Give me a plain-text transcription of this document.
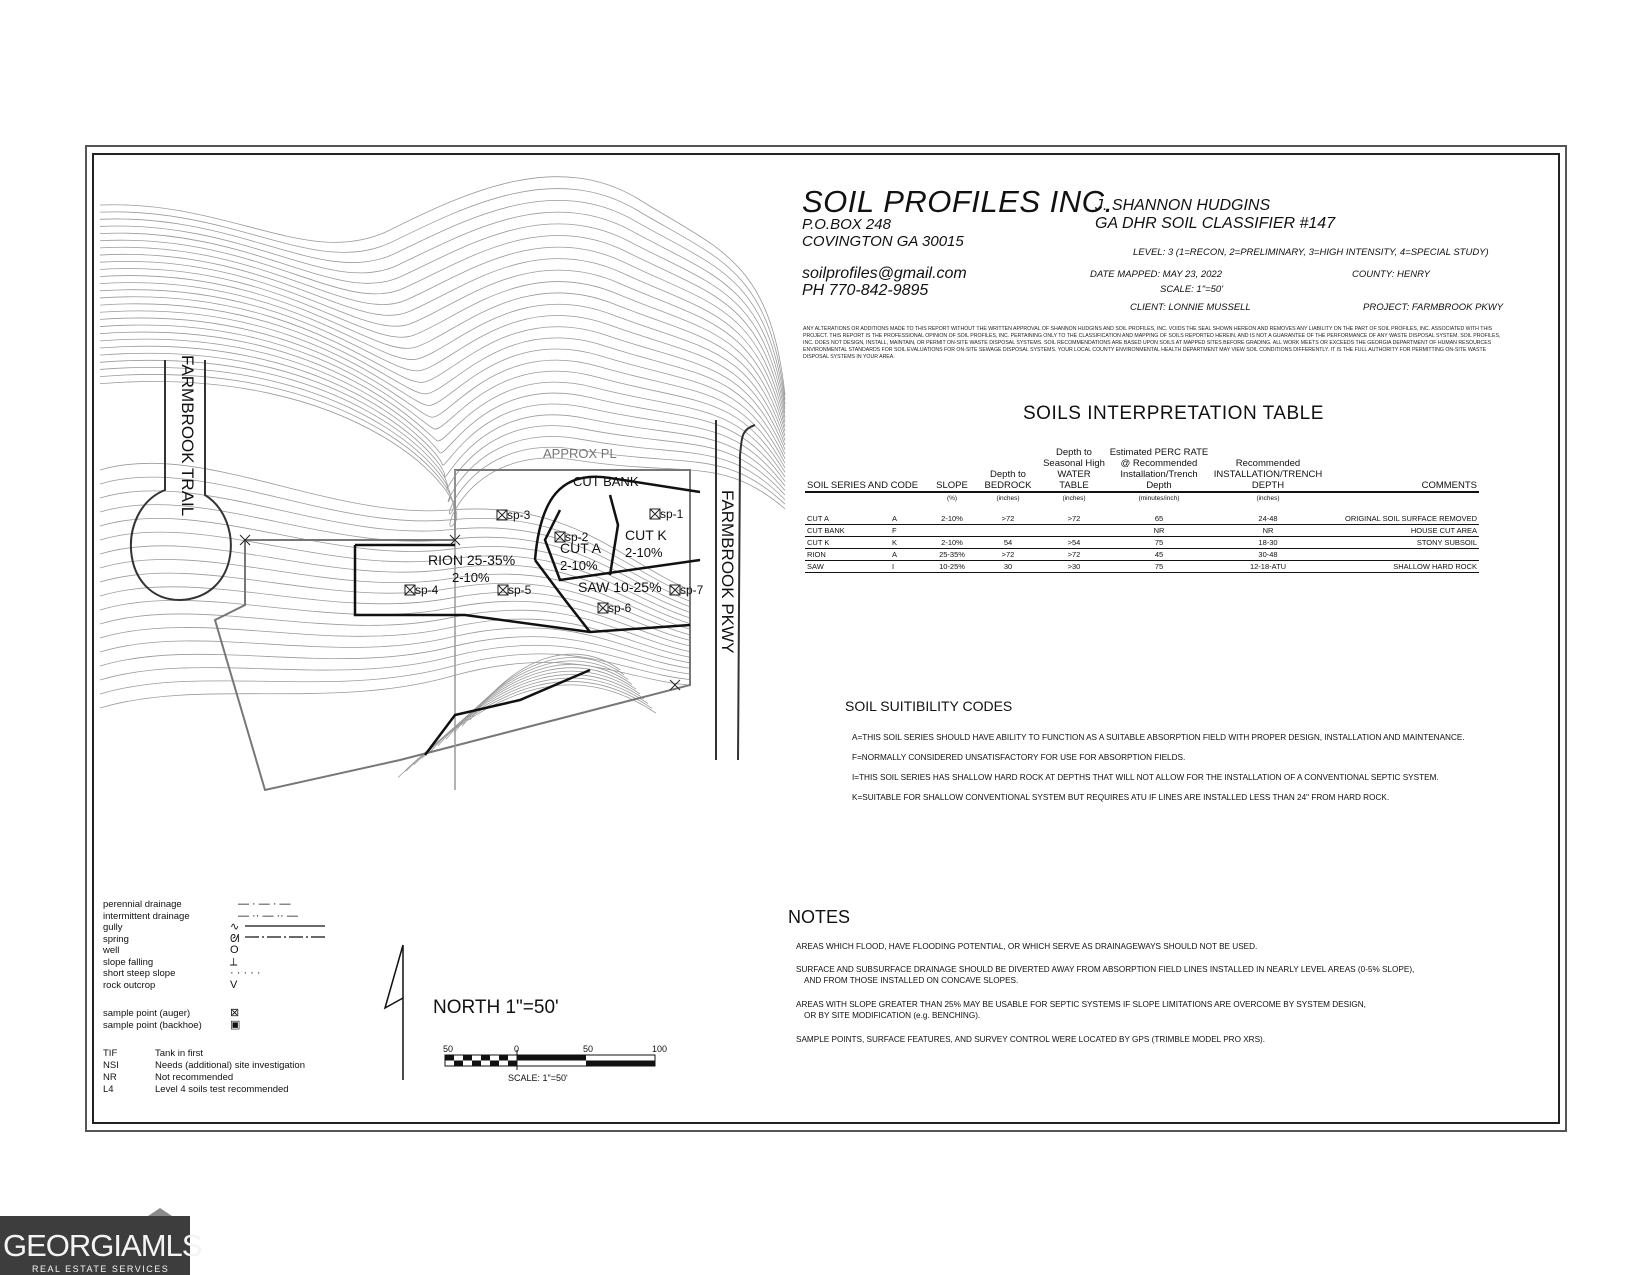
sp-1
sp-2
sp-3
sp-4	sp-5
sp-6
sp-7
FARMBROOK TRAIL
FARMBROOK PKWY
APPROX PL
CUT BANK
RION 25-35%
2-10%
CUT A
2-10%
CUT K
2-10%
SAW 10-25%
SOIL PROFILES INC.
P.O.BOX 248
COVINGTON GA 30015
soilprofiles@gmail.com
PH 770-842-9895
J. SHANNON HUDGINS
GA DHR SOIL CLASSIFIER #147
LEVEL: 3 (1=RECON, 2=PRELIMINARY, 3=HIGH INTENSITY, 4=SPECIAL STUDY)
DATE MAPPED: MAY 23, 2022	COUNTY: HENRY
SCALE: 1"=50'
CLIENT: LONNIE MUSSELL	PROJECT: FARMBROOK PKWY
ANY ALTERATIONS OR ADDITIONS MADE TO THIS REPORT WITHOUT THE WRITTEN APPROVAL OF SHANNON HUDGINS AND SOIL PROFILES, INC. VOIDS THE SEAL SHOWN HEREON AND REMOVES ANY LIABILITY ON THE PART OF SOIL PROFILES, INC. ASSOCIATED WITH THIS PROJECT. THIS REPORT IS THE PROFESSIONAL OPINION OF SOIL PROFILES, INC. PERTAINING ONLY TO THE CLASSIFICATION AND MAPPING OF SOILS REPORTED HEREIN, AND IS NOT A GUARANTEE OF THE PERFORMANCE OF ANY WASTE DISPOSAL SYSTEM. SOIL PROFILES, INC. DOES NOT DESIGN, INSTALL, MAINTAIN, OR PERMIT ON-SITE WASTE DISPOSAL SYSTEMS. SOIL RECOMMENDATIONS ARE BASED UPON SOILS AT MAPPED SITES BEFORE GRADING. ALL WORK MEETS OR EXCEEDS THE GEORGIA DEPARTMENT OF HUMAN RESOURCES ENVIRONMENTAL STANDARDS FOR SOIL EVALUATIONS FOR ON-SITE SEWAGE DISPOSAL SYSTEMS. YOUR LOCAL COUNTY ENVIRONMENTAL HEALTH DEPARTMENT MAY VIEW SOIL CONDITIONS DIFFERENTLY. IT IS THE FULL AUTHORITY FOR PERMITTING ON-SITE WASTE DISPOSAL SYSTEMS IN YOUR AREA.
SOILS INTERPRETATION TABLE
SOIL SERIES AND CODE	SLOPE	Depth to BEDROCK	Depth to Seasonal High WATER TABLE	Estimated PERC RATE @ Recommended Installation/Trench Depth	Recommended INSTALLATION/TRENCH DEPTH	COMMENTS
	(%)	(inches)	(inches)	(minutes/inch)	(inches)	
CUT A A	2-10%	>72	>72	65	24-48	ORIGINAL SOIL SURFACE REMOVED
CUT BANK F				NR	NR	HOUSE CUT AREA
CUT K K	2-10%	54	>54	75	18-30	STONY SUBSOIL
RION A	25-35%	>72	>72	45	30-48	
SAW I	10-25%	30	>30	75	12-18-ATU	SHALLOW HARD ROCK
SOIL SUITIBILITY CODES
A=THIS SOIL SERIES SHOULD HAVE ABILITY TO FUNCTION AS A SUITABLE ABSORPTION FIELD WITH PROPER DESIGN, INSTALLATION AND MAINTENANCE.
F=NORMALLY CONSIDERED UNSATISFACTORY FOR USE FOR ABSORPTION FIELDS.
I=THIS SOIL SERIES HAS SHALLOW HARD ROCK AT DEPTHS THAT WILL NOT ALLOW FOR THE INSTALLATION OF A CONVENTIONAL SEPTIC SYSTEM.
K=SUITABLE FOR SHALLOW CONVENTIONAL SYSTEM BUT REQUIRES ATU IF LINES ARE INSTALLED LESS THAN 24" FROM HARD ROCK.
NOTES
AREAS WHICH FLOOD, HAVE FLOODING POTENTIAL, OR WHICH SERVE AS DRAINAGEWAYS SHOULD NOT BE USED.
SURFACE AND SUBSURFACE DRAINAGE SHOULD BE DIVERTED AWAY FROM ABSORPTION FIELD LINES INSTALLED IN NEARLY LEVEL AREAS (0-5% SLOPE),
AND FROM THOSE INSTALLED ON CONCAVE SLOPES.
AREAS WITH SLOPE GREATER THAN 25% MAY BE USABLE FOR SEPTIC SYSTEMS IF SLOPE LIMITATIONS ARE OVERCOME BY SYSTEM DESIGN,
OR BY SITE MODIFICATION (e.g. BENCHING).
SAMPLE POINTS, SURFACE FEATURES, AND SURVEY CONTROL WERE LOCATED BY GPS (TRIMBLE MODEL PRO XRS).
NORTH 1"=50'
50	0	50	100
SCALE: 1"=50'
GEORGIAMLS
REAL ESTATE SERVICES
perennial drainage	— · — · —
intermittent drainage	— ·· — ·· —
gully	∿
spring	ᘛ
well	O
slope falling	⟂
short steep slope	· · · · ·
rock outcrop	V
sample point (auger)	⊠
sample point (backhoe)	▣
TIF	Tank in first
NSI	Needs (additional) site investigation
NR	Not recommended
L4	Level 4 soils test recommended
